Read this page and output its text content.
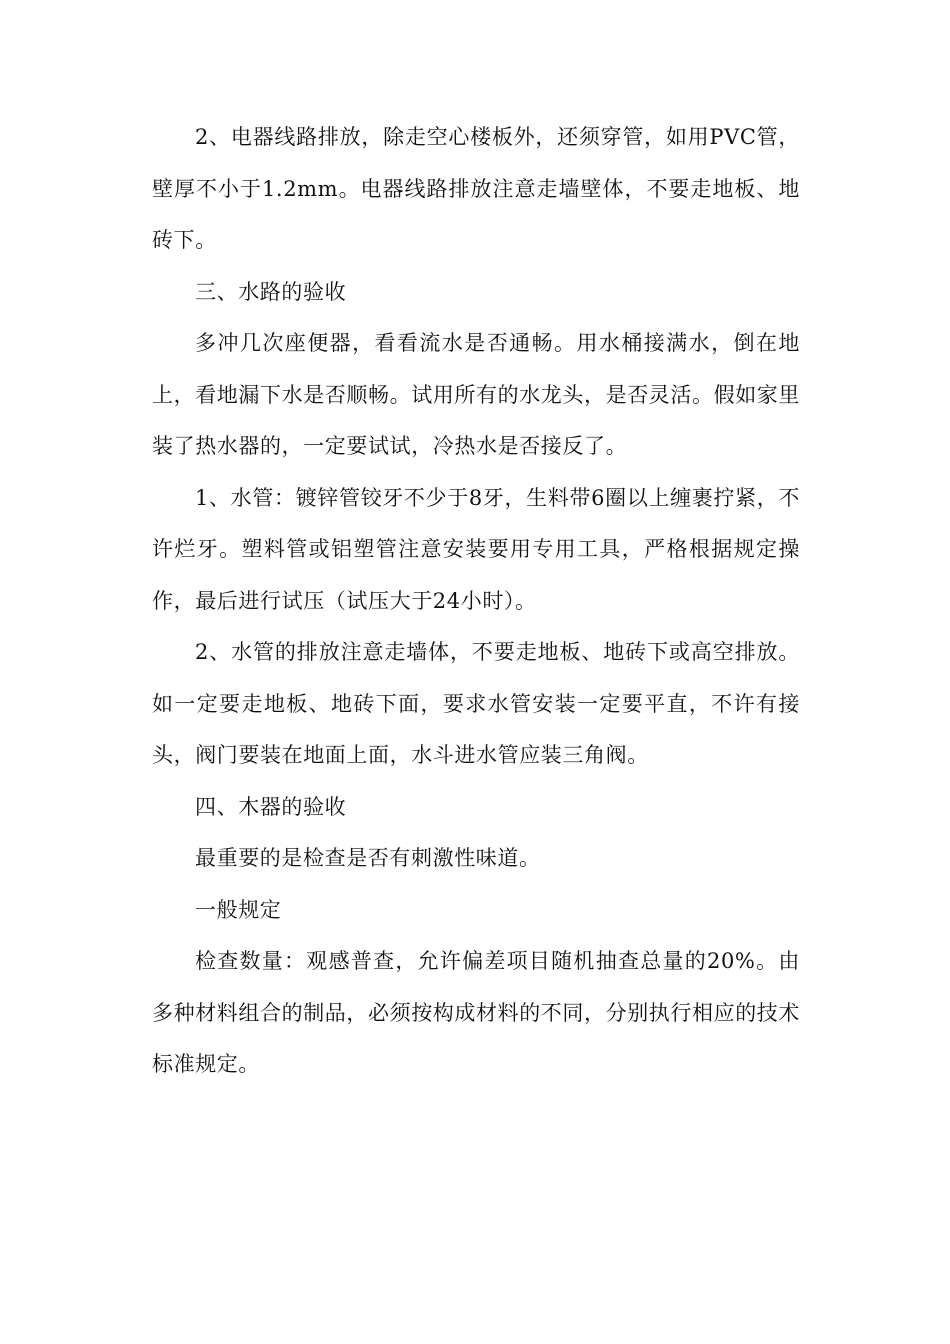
2、电器线路排放，除走空心楼板外，还须穿管，如用PVC管，壁厚不小于1.2mm。电器线路排放注意走墙壁体，不要走地板、地砖下。

三、水路的验收

多冲几次座便器，看看流水是否通畅。用水桶接满水，倒在地上，看地漏下水是否顺畅。试用所有的水龙头，是否灵活。假如家里装了热水器的，一定要试试，冷热水是否接反了。

1、水管：镀锌管铰牙不少于8牙，生料带6圈以上缠裹拧紧，不许烂牙。塑料管或铝塑管注意安装要用专用工具，严格根据规定操作，最后进行试压（试压大于24小时）。

2、水管的排放注意走墙体，不要走地板、地砖下或高空排放。如一定要走地板、地砖下面，要求水管安装一定要平直，不许有接头，阀门要装在地面上面，水斗进水管应装三角阀。

四、木器的验收

最重要的是检查是否有刺激性味道。

一般规定

检查数量：观感普查，允许偏差项目随机抽查总量的20%。由多种材料组合的制品，必须按构成材料的不同，分别执行相应的技术标准规定。
